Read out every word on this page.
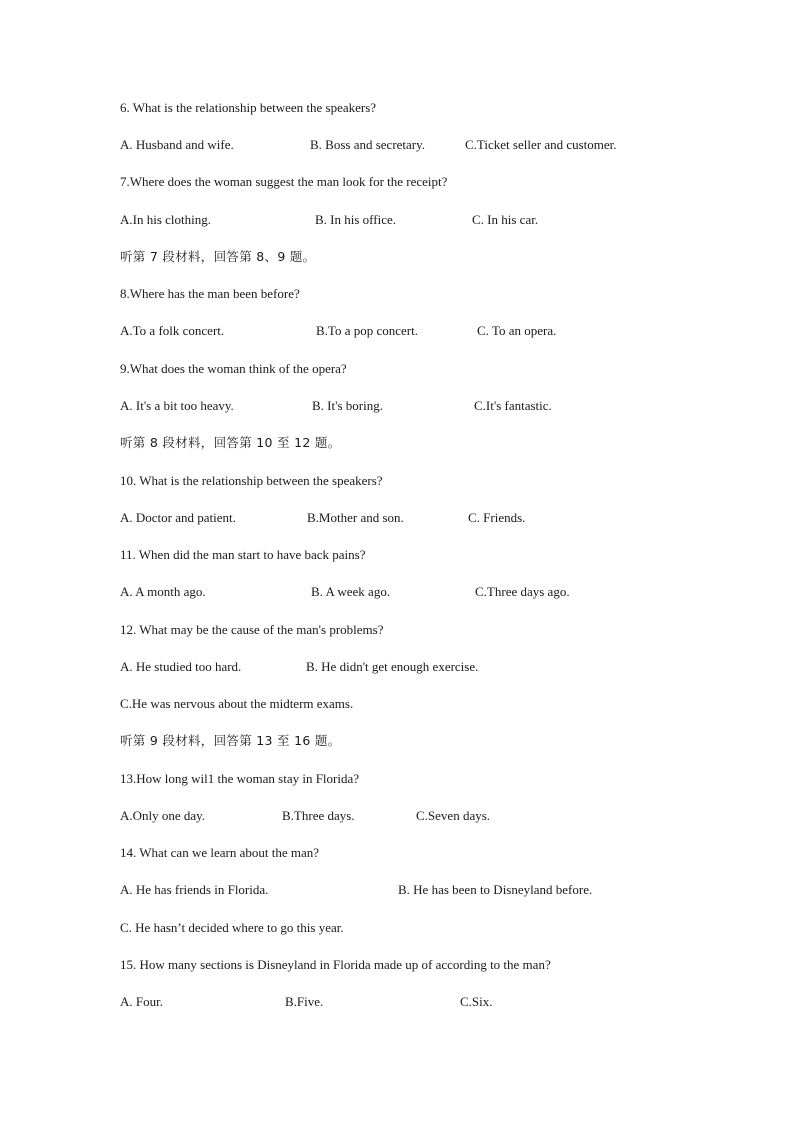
6. What is the relationship between the speakers?
A. Husband and wife.	B. Boss and secretary.	C.Ticket seller and customer.
7.Where does the woman suggest the man look for the receipt?
A.In his clothing.	B. In his office.	C. In his car.
听第 7 段材料，回答第 8、9 题。
8.Where has the man been before?
A.To a folk concert.	B.To a pop concert.	C. To an opera.
9.What does the woman think of the opera?
A. It's a bit too heavy.	B. It's boring.	C.It's fantastic.
听第 8 段材料，回答第 10 至 12 题。
10. What is the relationship between the speakers?
A. Doctor and patient.	B.Mother and son.	C. Friends.
11. When did the man start to have back pains?
A. A month ago.	B. A week ago.	C.Three days ago.
12. What may be the cause of the man's problems?
A. He studied too hard.	B. He didn't get enough exercise.
C.He was nervous about the midterm exams.
听第 9 段材料，回答第 13 至 16 题。
13.How long wil1 the woman stay in Florida?
A.Only one day.	B.Three days.	C.Seven days.
14. What can we learn about the man?
A. He has friends in Florida.	B. He has been to Disneyland before.
C. He hasn’t decided where to go this year.
15. How many sections is Disneyland in Florida made up of according to the man?
A. Four.	B.Five.	C.Six.
